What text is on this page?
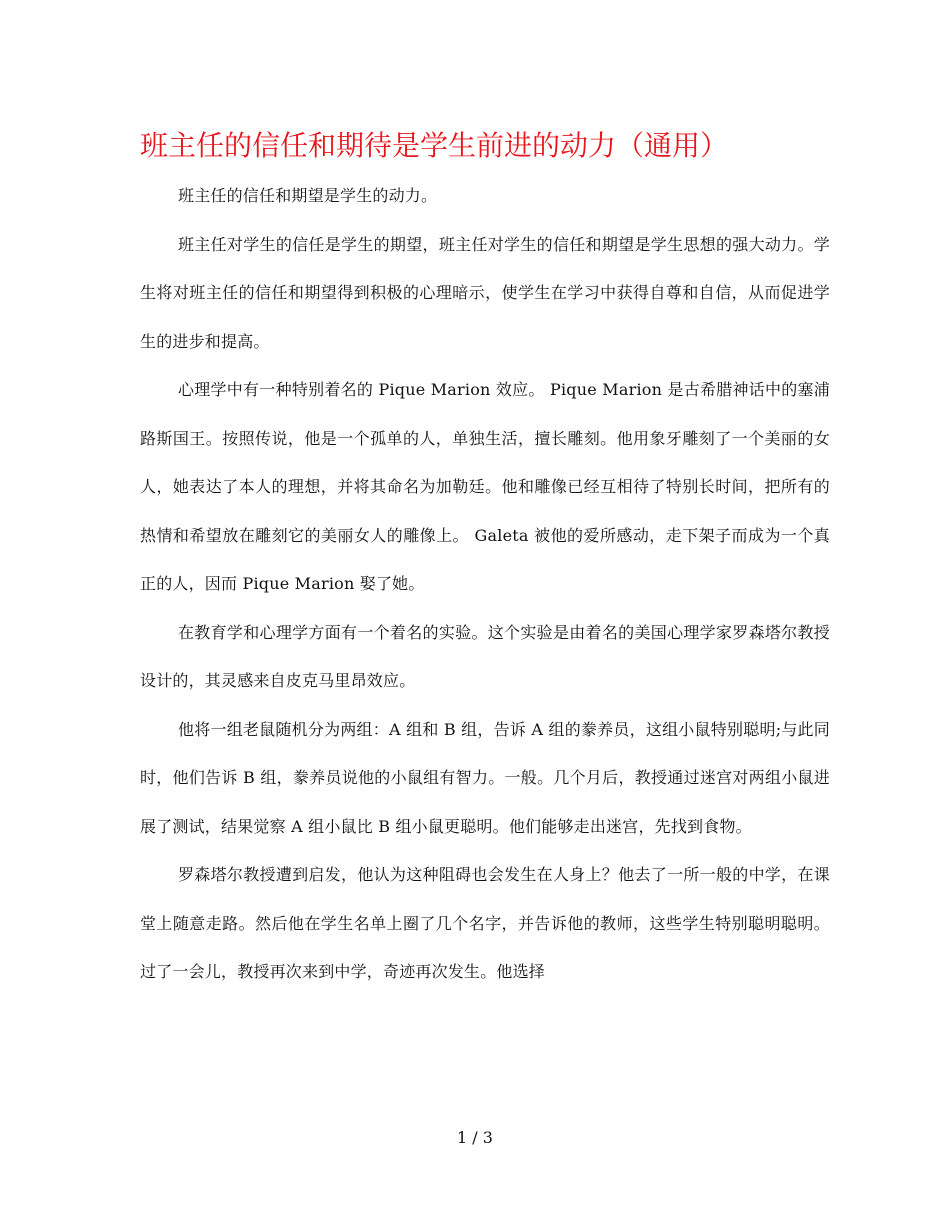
班主任的信任和期待是学生前进的动力（通用）

班主任的信任和期望是学生的动力。

班主任对学生的信任是学生的期望，班主任对学生的信任和期望是学生思想的强大动力。学生将对班主任的信任和期望得到积极的心理暗示，使学生在学习中获得自尊和自信，从而促进学生的进步和提高。

心理学中有一种特别着名的 Pique Marion 效应。 Pique Marion 是古希腊神话中的塞浦路斯国王。按照传说，他是一个孤单的人，单独生活，擅长雕刻。他用象牙雕刻了一个美丽的女人，她表达了本人的理想，并将其命名为加勒廷。他和雕像已经互相待了特别长时间，把所有的热情和希望放在雕刻它的美丽女人的雕像上。 Galeta 被他的爱所感动，走下架子而成为一个真正的人，因而 Pique Marion 娶了她。

在教育学和心理学方面有一个着名的实验。这个实验是由着名的美国心理学家罗森塔尔教授设计的，其灵感来自皮克马里昂效应。

他将一组老鼠随机分为两组：A 组和 B 组，告诉 A 组的豢养员，这组小鼠特别聪明;与此同时，他们告诉 B 组，豢养员说他的小鼠组有智力。一般。几个月后，教授通过迷宫对两组小鼠进展了测试，结果觉察 A 组小鼠比 B 组小鼠更聪明。他们能够走出迷宫，先找到食物。

罗森塔尔教授遭到启发，他认为这种阻碍也会发生在人身上？他去了一所一般的中学，在课堂上随意走路。然后他在学生名单上圈了几个名字，并告诉他的教师，这些学生特别聪明聪明。过了一会儿，教授再次来到中学，奇迹再次发生。他选择

1 / 3
